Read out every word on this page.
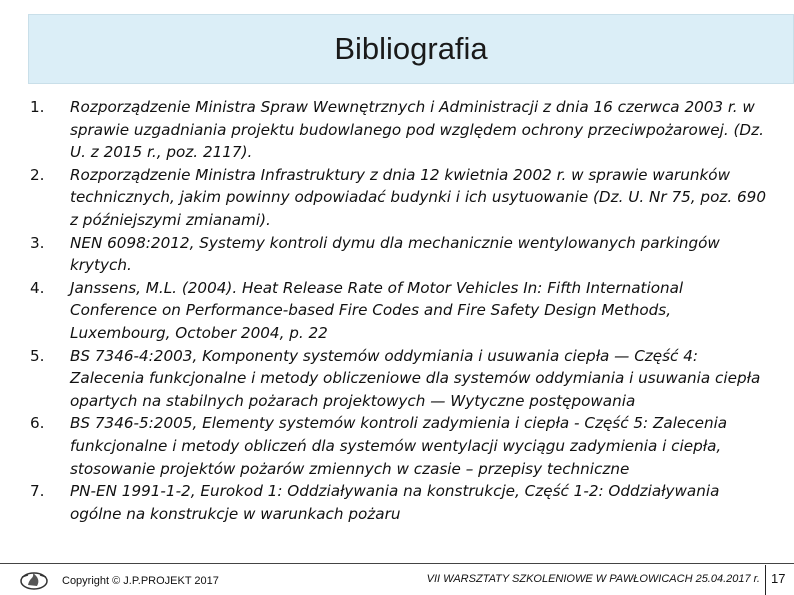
Bibliografia
1.	Rozporządzenie Ministra Spraw Wewnętrznych i Administracji z dnia 16 czerwca 2003 r. w sprawie uzgadniania projektu budowlanego pod względem ochrony przeciwpożarowej. (Dz. U. z 2015 r., poz. 2117).
2.	Rozporządzenie Ministra Infrastruktury z dnia 12 kwietnia 2002 r. w sprawie warunków technicznych, jakim powinny odpowiadać budynki i ich usytuowanie (Dz. U. Nr 75, poz. 690 z późniejszymi zmianami).
3.	NEN 6098:2012, Systemy kontroli dymu dla mechanicznie wentylowanych parkingów krytych.
4.	Janssens, M.L. (2004). Heat Release Rate of Motor Vehicles In: Fifth International Conference on Performance-based Fire Codes and Fire Safety Design Methods, Luxembourg, October 2004, p. 22
5.	BS 7346-4:2003, Komponenty systemów oddymiania i usuwania ciepła — Część 4: Zalecenia funkcjonalne i metody obliczeniowe dla systemów oddymiania i usuwania ciepła opartych na stabilnych pożarach projektowych — Wytyczne postępowania
6.	BS 7346-5:2005, Elementy systemów kontroli zadymienia i ciepła - Część 5: Zalecenia funkcjonalne i metody obliczeń dla systemów wentylacji wyciągu zadymienia i ciepła, stosowanie projektów pożarów zmiennych w czasie – przepisy techniczne
7.	PN-EN 1991-1-2, Eurokod 1: Oddziaływania na konstrukcje, Część 1-2: Oddziaływania ogólne na konstrukcje w warunkach pożaru
Copyright © J.P.PROJEKT 2017	VII WARSZTATY SZKOLENIOWE W PAWŁOWICACH 25.04.2017 r. 17
